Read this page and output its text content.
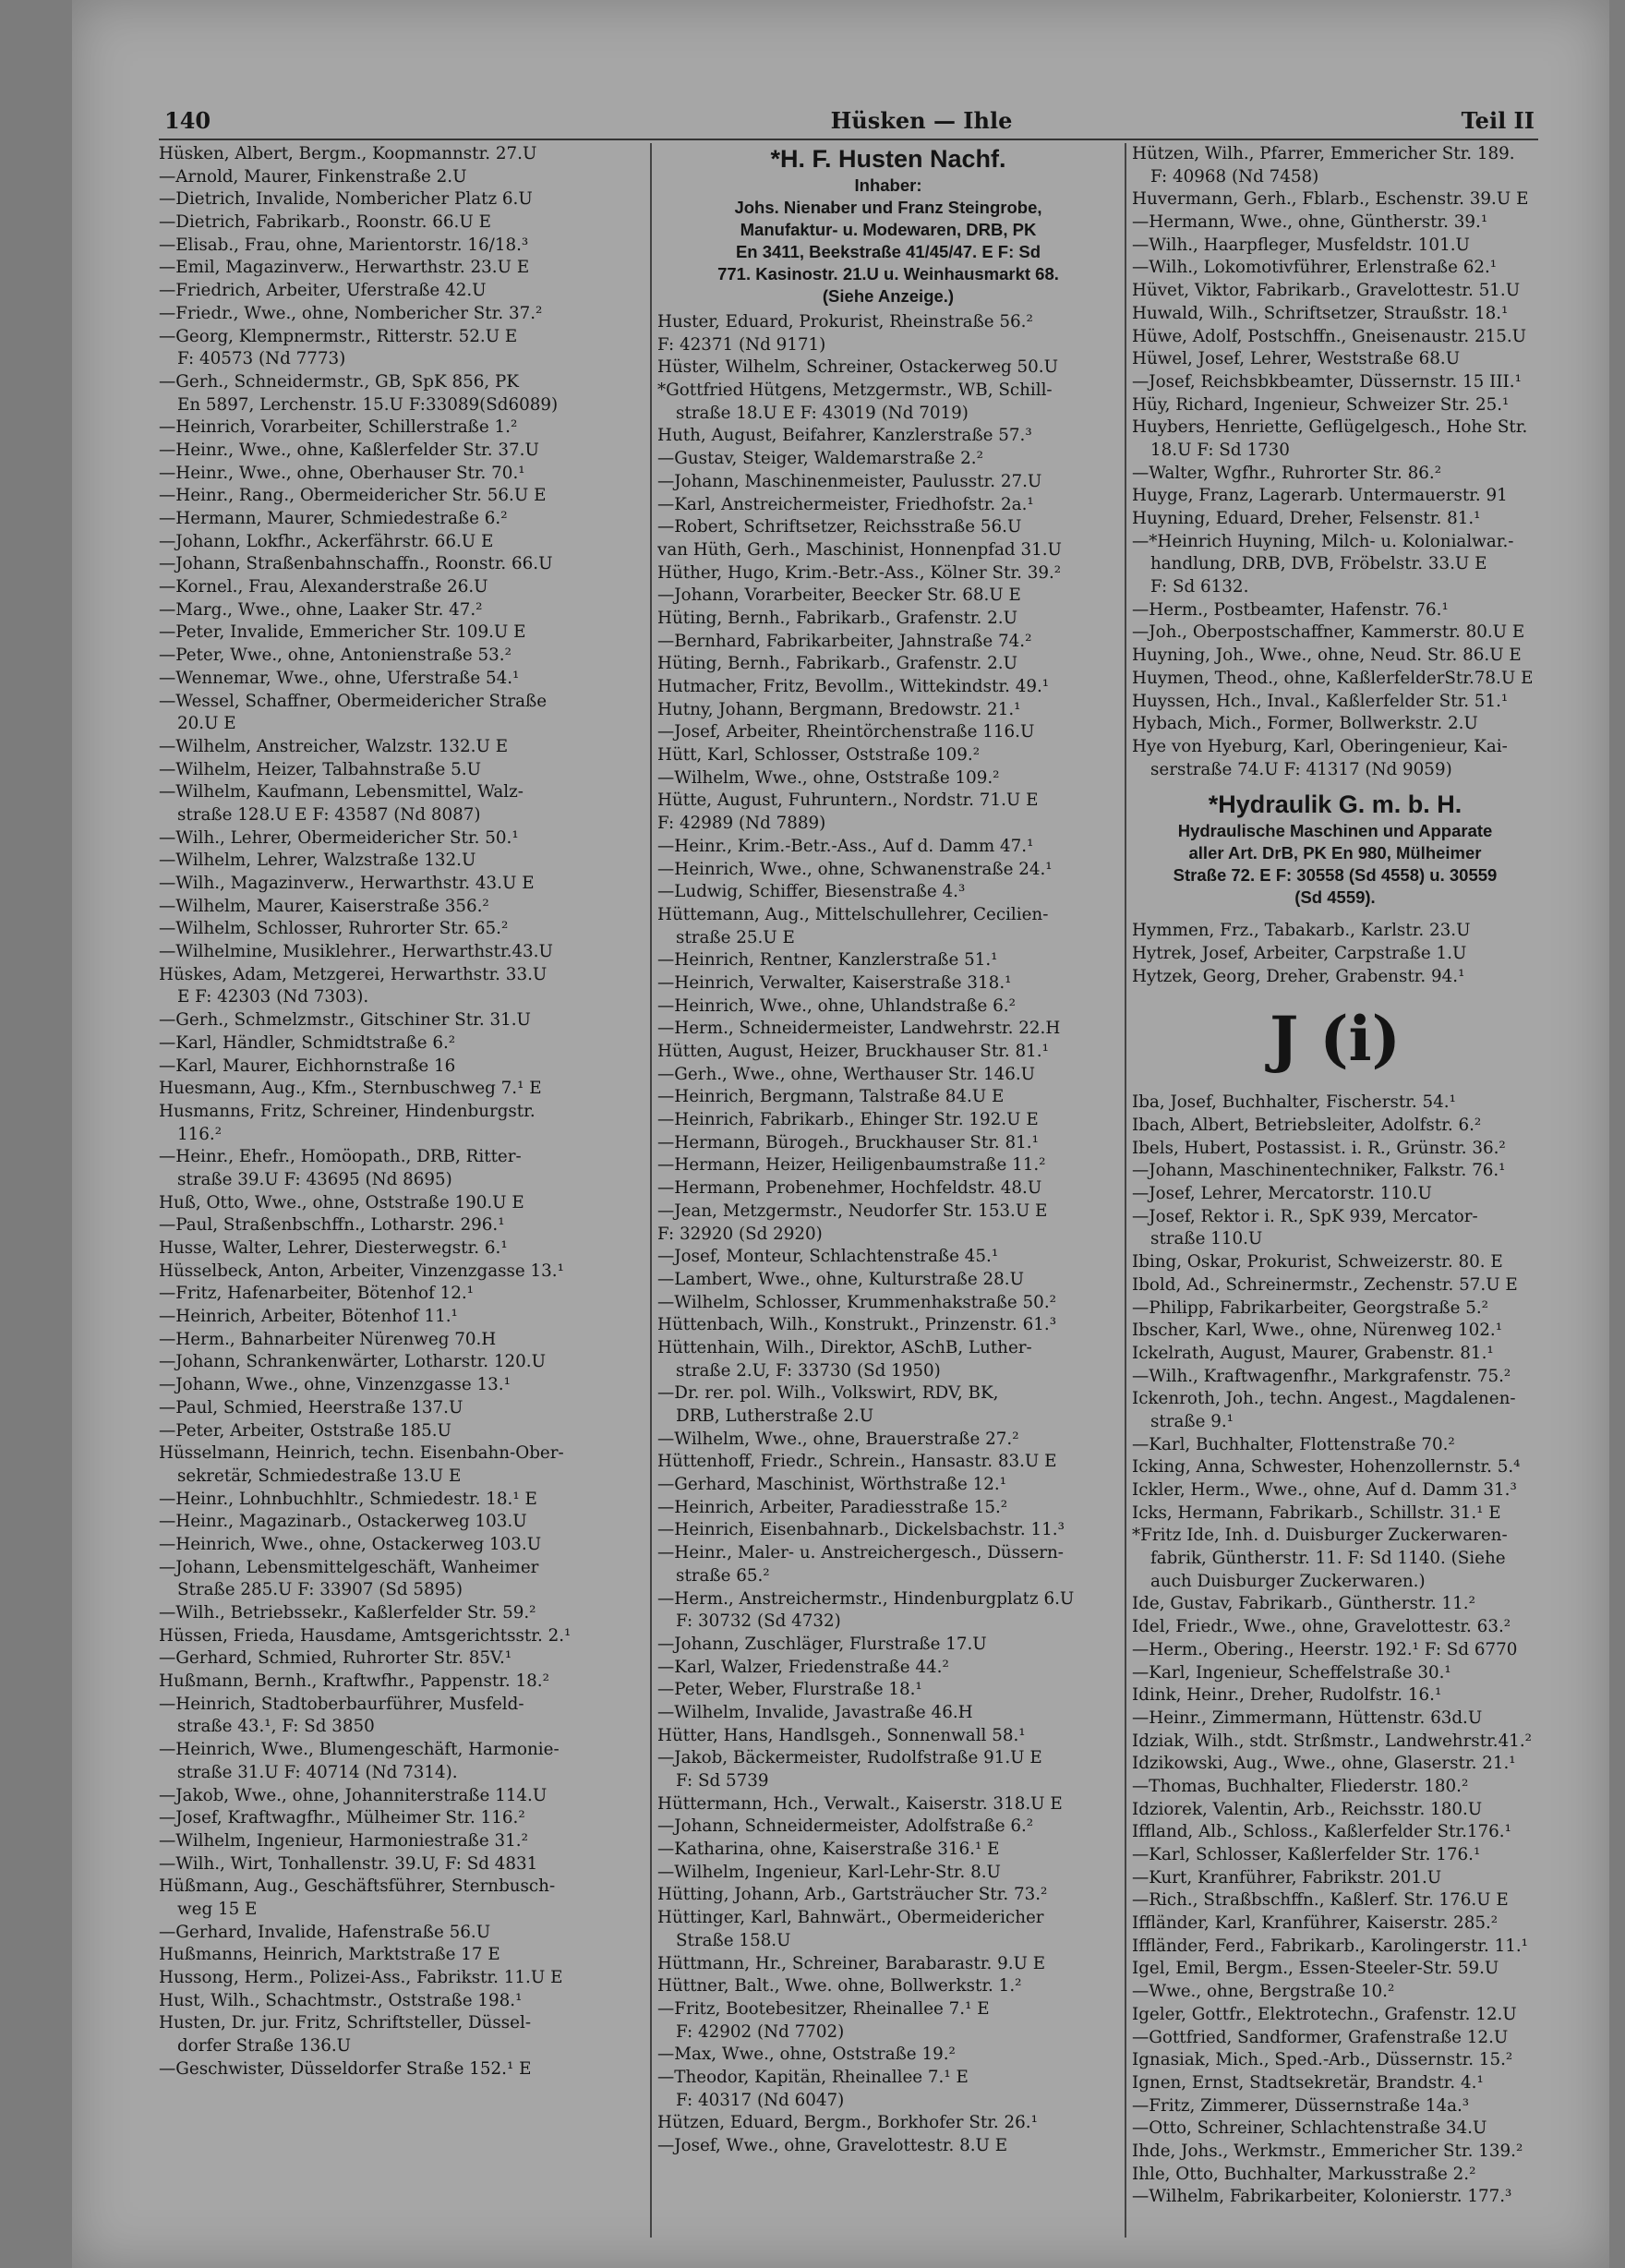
140	Hüsken — Ihle	Teil II
Hüsken, Albert, Bergm., Koopmannstr. 27.U
—Arnold, Maurer, Finkenstraße 2.U
—Dietrich, Invalide, Nombericher Platz 6.U
—Dietrich, Fabrikarb., Roonstr. 66.U E
—Elisab., Frau, ohne, Marientorstr. 16/18.³
—Emil, Magazinverw., Herwarthstr. 23.U E
—Friedrich, Arbeiter, Uferstraße 42.U
—Friedr., Wwe., ohne, Nombericher Str. 37.²
—Georg, Klempnermstr., Ritterstr. 52.U E
F: 40573 (Nd 7773)
—Gerh., Schneidermstr., GB, SpK 856, PK
En 5897, Lerchenstr. 15.U F:33089(Sd6089)
—Heinrich, Vorarbeiter, Schillerstraße 1.²
—Heinr., Wwe., ohne, Kaßlerfelder Str. 37.U
—Heinr., Wwe., ohne, Oberhauser Str. 70.¹
—Heinr., Rang., Obermeidericher Str. 56.U E
—Hermann, Maurer, Schmiedestraße 6.²
—Johann, Lokfhr., Ackerfährstr. 66.U E
—Johann, Straßenbahnschaffn., Roonstr. 66.U
—Kornel., Frau, Alexanderstraße 26.U
—Marg., Wwe., ohne, Laaker Str. 47.²
—Peter, Invalide, Emmericher Str. 109.U E
—Peter, Wwe., ohne, Antonienstraße 53.²
—Wennemar, Wwe., ohne, Uferstraße 54.¹
—Wessel, Schaffner, Obermeidericher Straße
20.U E
—Wilhelm, Anstreicher, Walzstr. 132.U E
—Wilhelm, Heizer, Talbahnstraße 5.U
—Wilhelm, Kaufmann, Lebensmittel, Walz-
straße 128.U E F: 43587 (Nd 8087)
—Wilh., Lehrer, Obermeidericher Str. 50.¹
—Wilhelm, Lehrer, Walzstraße 132.U
—Wilh., Magazinverw., Herwarthstr. 43.U E
—Wilhelm, Maurer, Kaiserstraße 356.²
—Wilhelm, Schlosser, Ruhrorter Str. 65.²
—Wilhelmine, Musiklehrer., Herwarthstr.43.U
Hüskes, Adam, Metzgerei, Herwarthstr. 33.U
E F: 42303 (Nd 7303).
—Gerh., Schmelzmstr., Gitschiner Str. 31.U
—Karl, Händler, Schmidtstraße 6.²
—Karl, Maurer, Eichhornstraße 16
Huesmann, Aug., Kfm., Sternbuschweg 7.¹ E
Husmanns, Fritz, Schreiner, Hindenburgstr.
116.²
—Heinr., Ehefr., Homöopath., DRB, Ritter-
straße 39.U F: 43695 (Nd 8695)
Huß, Otto, Wwe., ohne, Oststraße 190.U E
—Paul, Straßenbschffn., Lotharstr. 296.¹
Husse, Walter, Lehrer, Diesterwegstr. 6.¹
Hüsselbeck, Anton, Arbeiter, Vinzenzgasse 13.¹
—Fritz, Hafenarbeiter, Bötenhof 12.¹
—Heinrich, Arbeiter, Bötenhof 11.¹
—Herm., Bahnarbeiter Nürenweg 70.H
—Johann, Schrankenwärter, Lotharstr. 120.U
—Johann, Wwe., ohne, Vinzenzgasse 13.¹
—Paul, Schmied, Heerstraße 137.U
—Peter, Arbeiter, Oststraße 185.U
Hüsselmann, Heinrich, techn. Eisenbahn-Ober-
sekretär, Schmiedestraße 13.U E
—Heinr., Lohnbuchhltr., Schmiedestr. 18.¹ E
—Heinr., Magazinarb., Ostackerweg 103.U
—Heinrich, Wwe., ohne, Ostackerweg 103.U
—Johann, Lebensmittelgeschäft, Wanheimer
Straße 285.U F: 33907 (Sd 5895)
—Wilh., Betriebssekr., Kaßlerfelder Str. 59.²
Hüssen, Frieda, Hausdame, Amtsgerichtsstr. 2.¹
—Gerhard, Schmied, Ruhrorter Str. 85V.¹
Hußmann, Bernh., Kraftwfhr., Pappenstr. 18.²
—Heinrich, Stadtoberbaurführer, Musfeld-
straße 43.¹, F: Sd 3850
—Heinrich, Wwe., Blumengeschäft, Harmonie-
straße 31.U F: 40714 (Nd 7314).
—Jakob, Wwe., ohne, Johanniterstraße 114.U
—Josef, Kraftwagfhr., Mülheimer Str. 116.²
—Wilhelm, Ingenieur, Harmoniestraße 31.²
—Wilh., Wirt, Tonhallenstr. 39.U, F: Sd 4831
Hüßmann, Aug., Geschäftsführer, Sternbusch-
weg 15 E
—Gerhard, Invalide, Hafenstraße 56.U
Hußmanns, Heinrich, Marktstraße 17 E
Hussong, Herm., Polizei-Ass., Fabrikstr. 11.U E
Hust, Wilh., Schachtmstr., Oststraße 198.¹
Husten, Dr. jur. Fritz, Schriftsteller, Düssel-
dorfer Straße 136.U
—Geschwister, Düsseldorfer Straße 152.¹ E
*H. F. Husten Nachf.
Inhaber:
Johs. Nienaber und Franz Steingrobe,
Manufaktur- u. Modewaren, DRB, PK
En 3411, Beekstraße 41/45/47. E F: Sd
771. Kasinostr. 21.U u. Weinhausmarkt 68.
(Siehe Anzeige.)
Huster, Eduard, Prokurist, Rheinstraße 56.²
F: 42371 (Nd 9171)
Hüster, Wilhelm, Schreiner, Ostackerweg 50.U
*Gottfried Hütgens, Metzgermstr., WB, Schill-
straße 18.U E F: 43019 (Nd 7019)
Huth, August, Beifahrer, Kanzlerstraße 57.³
—Gustav, Steiger, Waldemarstraße 2.²
—Johann, Maschinenmeister, Paulusstr. 27.U
—Karl, Anstreichermeister, Friedhofstr. 2a.¹
—Robert, Schriftsetzer, Reichsstraße 56.U
van Hüth, Gerh., Maschinist, Honnenpfad 31.U
Hüther, Hugo, Krim.-Betr.-Ass., Kölner Str. 39.²
—Johann, Vorarbeiter, Beecker Str. 68.U E
Hüting, Bernh., Fabrikarb., Grafenstr. 2.U
—Bernhard, Fabrikarbeiter, Jahnstraße 74.²
Hüting, Bernh., Fabrikarb., Grafenstr. 2.U
Hutmacher, Fritz, Bevollm., Wittekindstr. 49.¹
Hutny, Johann, Bergmann, Bredowstr. 21.¹
—Josef, Arbeiter, Rheintörchenstraße 116.U
Hütt, Karl, Schlosser, Oststraße 109.²
—Wilhelm, Wwe., ohne, Oststraße 109.²
Hütte, August, Fuhruntern., Nordstr. 71.U E
F: 42989 (Nd 7889)
—Heinr., Krim.-Betr.-Ass., Auf d. Damm 47.¹
—Heinrich, Wwe., ohne, Schwanenstraße 24.¹
—Ludwig, Schiffer, Biesenstraße 4.³
Hüttemann, Aug., Mittelschullehrer, Cecilien-
straße 25.U E
—Heinrich, Rentner, Kanzlerstraße 51.¹
—Heinrich, Verwalter, Kaiserstraße 318.¹
—Heinrich, Wwe., ohne, Uhlandstraße 6.²
—Herm., Schneidermeister, Landwehrstr. 22.H
Hütten, August, Heizer, Bruckhauser Str. 81.¹
—Gerh., Wwe., ohne, Werthauser Str. 146.U
—Heinrich, Bergmann, Talstraße 84.U E
—Heinrich, Fabrikarb., Ehinger Str. 192.U E
—Hermann, Bürogeh., Bruckhauser Str. 81.¹
—Hermann, Heizer, Heiligenbaumstraße 11.²
—Hermann, Probenehmer, Hochfeldstr. 48.U
—Jean, Metzgermstr., Neudorfer Str. 153.U E
F: 32920 (Sd 2920)
—Josef, Monteur, Schlachtenstraße 45.¹
—Lambert, Wwe., ohne, Kulturstraße 28.U
—Wilhelm, Schlosser, Krummenhakstraße 50.²
Hüttenbach, Wilh., Konstrukt., Prinzenstr. 61.³
Hüttenhain, Wilh., Direktor, ASchB, Luther-
straße 2.U, F: 33730 (Sd 1950)
—Dr. rer. pol. Wilh., Volkswirt, RDV, BK,
DRB, Lutherstraße 2.U
—Wilhelm, Wwe., ohne, Brauerstraße 27.²
Hüttenhoff, Friedr., Schrein., Hansastr. 83.U E
—Gerhard, Maschinist, Wörthstraße 12.¹
—Heinrich, Arbeiter, Paradiesstraße 15.²
—Heinrich, Eisenbahnarb., Dickelsbachstr. 11.³
—Heinr., Maler- u. Anstreichergesch., Düssern-
straße 65.²
—Herm., Anstreichermstr., Hindenburgplatz 6.U
F: 30732 (Sd 4732)
—Johann, Zuschläger, Flurstraße 17.U
—Karl, Walzer, Friedenstraße 44.²
—Peter, Weber, Flurstraße 18.¹
—Wilhelm, Invalide, Javastraße 46.H
Hütter, Hans, Handlsgeh., Sonnenwall 58.¹
—Jakob, Bäckermeister, Rudolfstraße 91.U E
F: Sd 5739
Hüttermann, Hch., Verwalt., Kaiserstr. 318.U E
—Johann, Schneidermeister, Adolfstraße 6.²
—Katharina, ohne, Kaiserstraße 316.¹ E
—Wilhelm, Ingenieur, Karl-Lehr-Str. 8.U
Hütting, Johann, Arb., Gartsträucher Str. 73.²
Hüttinger, Karl, Bahnwärt., Obermeidericher
Straße 158.U
Hüttmann, Hr., Schreiner, Barabarastr. 9.U E
Hüttner, Balt., Wwe. ohne, Bollwerkstr. 1.²
—Fritz, Bootebesitzer, Rheinallee 7.¹ E
F: 42902 (Nd 7702)
—Max, Wwe., ohne, Oststraße 19.²
—Theodor, Kapitän, Rheinallee 7.¹ E
F: 40317 (Nd 6047)
Hützen, Eduard, Bergm., Borkhofer Str. 26.¹
—Josef, Wwe., ohne, Gravelottestr. 8.U E
Hützen, Wilh., Pfarrer, Emmericher Str. 189.
F: 40968 (Nd 7458)
Huvermann, Gerh., Fblarb., Eschenstr. 39.U E
—Hermann, Wwe., ohne, Güntherstr. 39.¹
—Wilh., Haarpfleger, Musfeldstr. 101.U
—Wilh., Lokomotivführer, Erlenstraße 62.¹
Hüvet, Viktor, Fabrikarb., Gravelottestr. 51.U
Huwald, Wilh., Schriftsetzer, Straußstr. 18.¹
Hüwe, Adolf, Postschffn., Gneisenaustr. 215.U
Hüwel, Josef, Lehrer, Weststraße 68.U
—Josef, Reichsbkbeamter, Düssernstr. 15 III.¹
Hüy, Richard, Ingenieur, Schweizer Str. 25.¹
Huybers, Henriette, Geflügelgesch., Hohe Str.
18.U F: Sd 1730
—Walter, Wgfhr., Ruhrorter Str. 86.²
Huyge, Franz, Lagerarb. Untermauerstr. 91
Huyning, Eduard, Dreher, Felsenstr. 81.¹
—*Heinrich Huyning, Milch- u. Kolonialwar.-
handlung, DRB, DVB, Fröbelstr. 33.U E
F: Sd 6132.
—Herm., Postbeamter, Hafenstr. 76.¹
—Joh., Oberpostschaffner, Kammerstr. 80.U E
Huyning, Joh., Wwe., ohne, Neud. Str. 86.U E
Huymen, Theod., ohne, KaßlerfelderStr.78.U E
Huyssen, Hch., Inval., Kaßlerfelder Str. 51.¹
Hybach, Mich., Former, Bollwerkstr. 2.U
Hye von Hyeburg, Karl, Oberingenieur, Kai-
serstraße 74.U F: 41317 (Nd 9059)
*Hydraulik G. m. b. H.
Hydraulische Maschinen und Apparate
aller Art. DrB, PK En 980, Mülheimer
Straße 72. E F: 30558 (Sd 4558) u. 30559
(Sd 4559).
Hymmen, Frz., Tabakarb., Karlstr. 23.U
Hytrek, Josef, Arbeiter, Carpstraße 1.U
Hytzek, Georg, Dreher, Grabenstr. 94.¹
J (i)
Iba, Josef, Buchhalter, Fischerstr. 54.¹
Ibach, Albert, Betriebsleiter, Adolfstr. 6.²
Ibels, Hubert, Postassist. i. R., Grünstr. 36.²
—Johann, Maschinentechniker, Falkstr. 76.¹
—Josef, Lehrer, Mercatorstr. 110.U
—Josef, Rektor i. R., SpK 939, Mercator-
straße 110.U
Ibing, Oskar, Prokurist, Schweizerstr. 80. E
Ibold, Ad., Schreinermstr., Zechenstr. 57.U E
—Philipp, Fabrikarbeiter, Georgstraße 5.²
Ibscher, Karl, Wwe., ohne, Nürenweg 102.¹
Ickelrath, August, Maurer, Grabenstr. 81.¹
—Wilh., Kraftwagenfhr., Markgrafenstr. 75.²
Ickenroth, Joh., techn. Angest., Magdalenen-
straße 9.¹
—Karl, Buchhalter, Flottenstraße 70.²
Icking, Anna, Schwester, Hohenzollernstr. 5.⁴
Ickler, Herm., Wwe., ohne, Auf d. Damm 31.³
Icks, Hermann, Fabrikarb., Schillstr. 31.¹ E
*Fritz Ide, Inh. d. Duisburger Zuckerwaren-
fabrik, Güntherstr. 11. F: Sd 1140. (Siehe
auch Duisburger Zuckerwaren.)
Ide, Gustav, Fabrikarb., Güntherstr. 11.²
Idel, Friedr., Wwe., ohne, Gravelottestr. 63.²
—Herm., Obering., Heerstr. 192.¹ F: Sd 6770
—Karl, Ingenieur, Scheffelstraße 30.¹
Idink, Heinr., Dreher, Rudolfstr. 16.¹
—Heinr., Zimmermann, Hüttenstr. 63d.U
Idziak, Wilh., stdt. Strßmstr., Landwehrstr.41.²
Idzikowski, Aug., Wwe., ohne, Glaserstr. 21.¹
—Thomas, Buchhalter, Fliederstr. 180.²
Idziorek, Valentin, Arb., Reichsstr. 180.U
Iffland, Alb., Schloss., Kaßlerfelder Str.176.¹
—Karl, Schlosser, Kaßlerfelder Str. 176.¹
—Kurt, Kranführer, Fabrikstr. 201.U
—Rich., Straßbschffn., Kaßlerf. Str. 176.U E
Iffländer, Karl, Kranführer, Kaiserstr. 285.²
Iffländer, Ferd., Fabrikarb., Karolingerstr. 11.¹
Igel, Emil, Bergm., Essen-Steeler-Str. 59.U
—Wwe., ohne, Bergstraße 10.²
Igeler, Gottfr., Elektrotechn., Grafenstr. 12.U
—Gottfried, Sandformer, Grafenstraße 12.U
Ignasiak, Mich., Sped.-Arb., Düssernstr. 15.²
Ignen, Ernst, Stadtsekretär, Brandstr. 4.¹
—Fritz, Zimmerer, Düssernstraße 14a.³
—Otto, Schreiner, Schlachtenstraße 34.U
Ihde, Johs., Werkmstr., Emmericher Str. 139.²
Ihle, Otto, Buchhalter, Markusstraße 2.²
—Wilhelm, Fabrikarbeiter, Kolonierstr. 177.³
